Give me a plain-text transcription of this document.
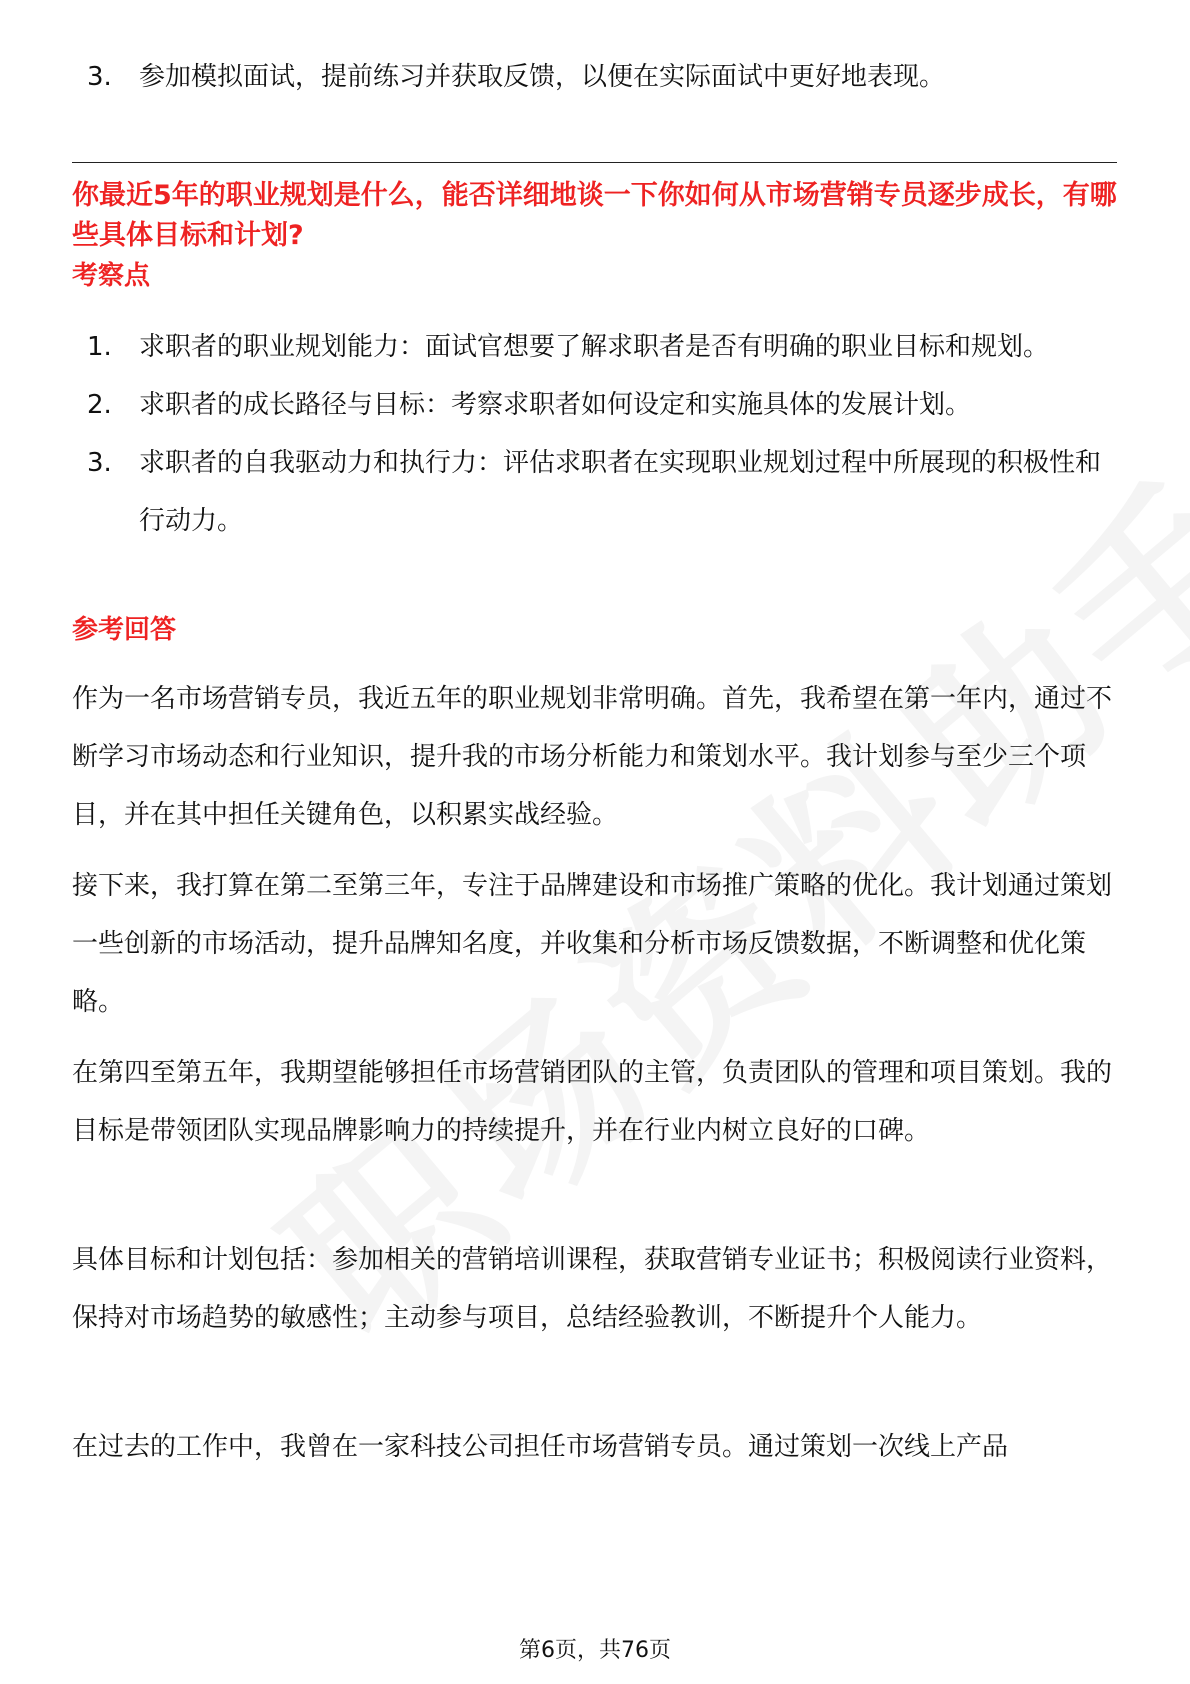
3.	参加模拟面试，提前练习并获取反馈，以便在实际面试中更好地表现。
你最近5年的职业规划是什么，能否详细地谈一下你如何从市场营销专员逐步成长，有哪些具体目标和计划?
考察点
1.	求职者的职业规划能力：面试官想要了解求职者是否有明确的职业目标和规划。
2.	求职者的成长路径与目标：考察求职者如何设定和实施具体的发展计划。
3.	求职者的自我驱动力和执行力：评估求职者在实现职业规划过程中所展现的积极性和行动力。
参考回答
作为一名市场营销专员，我近五年的职业规划非常明确。首先，我希望在第一年内，通过不断学习市场动态和行业知识，提升我的市场分析能力和策划水平。我计划参与至少三个项目，并在其中担任关键角色，以积累实战经验。
接下来，我打算在第二至第三年，专注于品牌建设和市场推广策略的优化。我计划通过策划一些创新的市场活动，提升品牌知名度，并收集和分析市场反馈数据，不断调整和优化策略。
在第四至第五年，我期望能够担任市场营销团队的主管，负责团队的管理和项目策划。我的目标是带领团队实现品牌影响力的持续提升，并在行业内树立良好的口碑。
具体目标和计划包括：参加相关的营销培训课程，获取营销专业证书；积极阅读行业资料，保持对市场趋势的敏感性；主动参与项目，总结经验教训，不断提升个人能力。
在过去的工作中，我曾在一家科技公司担任市场营销专员。通过策划一次线上产品
第6页，共76页
